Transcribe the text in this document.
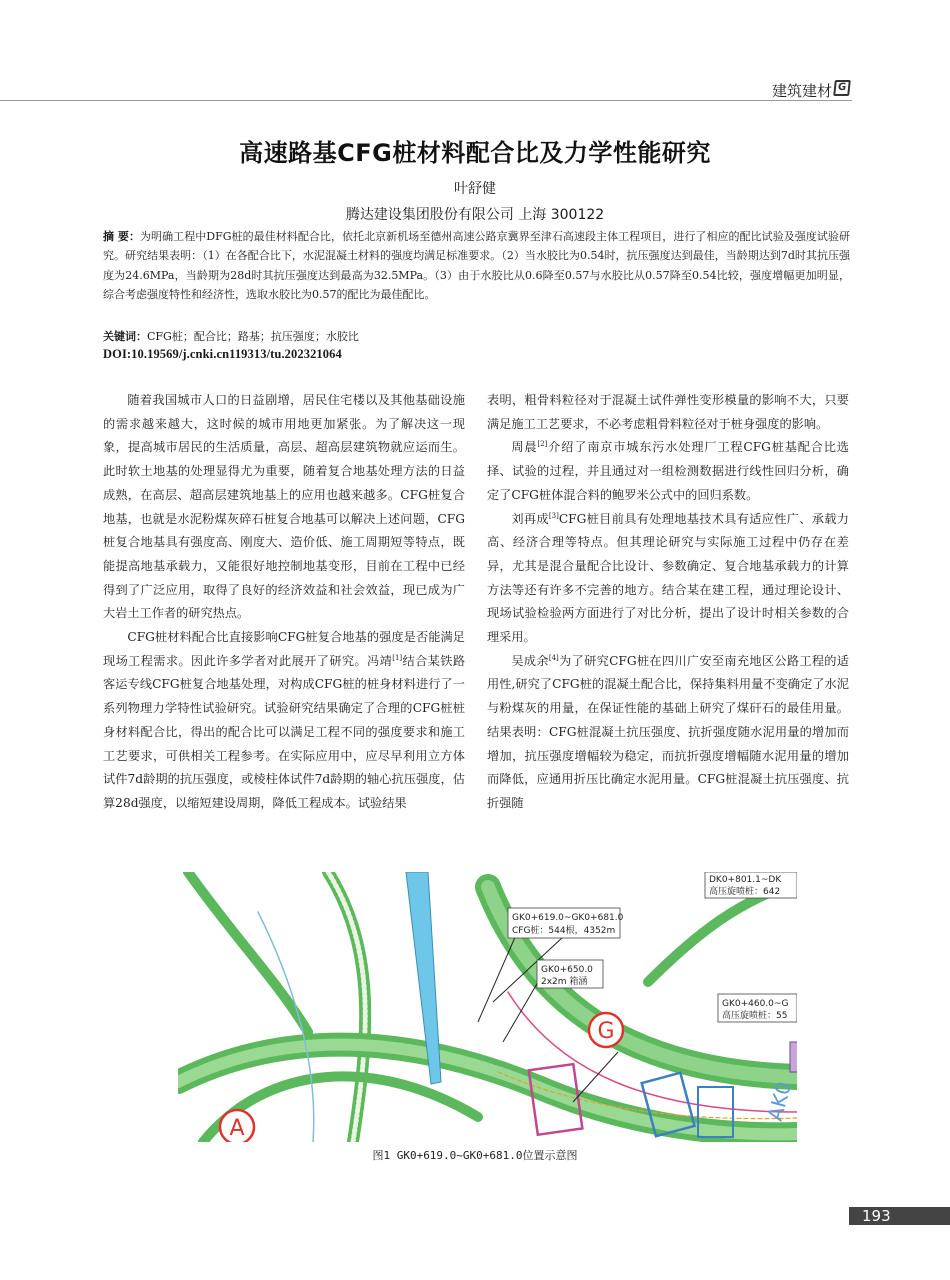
建筑建材 G
高速路基CFG桩材料配合比及力学性能研究
叶舒健
腾达建设集团股份有限公司 上海 300122
摘 要：为明确工程中DFG桩的最佳材料配合比，依托北京新机场至德州高速公路京冀界至津石高速段主体工程项目，进行了相应的配比试验及强度试验研究。研究结果表明：（1）在各配合比下，水泥混凝土材料的强度均满足标准要求。（2）当水胶比为0.54时，抗压强度达到最佳，当龄期达到7d时其抗压强度为24.6MPa，当龄期为28d时其抗压强度达到最高为32.5MPa。（3）由于水胶比从0.6降至0.57与水胶比从0.57降至0.54比较，强度增幅更加明显，综合考虑强度特性和经济性，选取水胶比为0.57的配比为最佳配比。
关键词：CFG桩；配合比；路基；抗压强度；水胶比
DOI:10.19569/j.cnki.cn119313/tu.202321064

随着我国城市人口的日益剧增，居民住宅楼以及其他基础设施的需求越来越大，这时候的城市用地更加紧张。为了解决这一现象，提高城市居民的生活质量，高层、超高层建筑物就应运而生。此时软土地基的处理显得尤为重要，随着复合地基处理方法的日益成熟，在高层、超高层建筑地基上的应用也越来越多。CFG桩复合地基，也就是水泥粉煤灰碎石桩复合地基可以解决上述问题，CFG桩复合地基具有强度高、刚度大、造价低、施工周期短等特点，既能提高地基承载力，又能很好地控制地基变形，目前在工程中已经得到了广泛应用，取得了良好的经济效益和社会效益，现已成为广大岩土工作者的研究热点。

CFG桩材料配合比直接影响CFG桩复合地基的强度是否能满足现场工程需求。因此许多学者对此展开了研究。冯靖[1]结合某铁路客运专线CFG桩复合地基处理，对构成CFG桩的桩身材料进行了一系列物理力学特性试验研究。试验研究结果确定了合理的CFG桩桩身材料配合比，得出的配合比可以满足工程不同的强度要求和施工工艺要求，可供相关工程参考。在实际应用中，应尽早利用立方体试件7d龄期的抗压强度，或棱柱体试件7d龄期的轴心抗压强度，估算28d强度，以缩短建设周期，降低工程成本。试验结果

表明，粗骨料粒径对于混凝土试件弹性变形模量的影响不大，只要满足施工工艺要求，不必考虑粗骨料粒径对于桩身强度的影响。

周晨[2]介绍了南京市城东污水处理厂工程CFG桩基配合比选择、试验的过程，并且通过对一组检测数据进行线性回归分析，确定了CFG桩体混合料的鲍罗米公式中的回归系数。

刘再成[3]CFG桩目前具有处理地基技术具有适应性广、承载力高、经济合理等特点。但其理论研究与实际施工过程中仍存在差异，尤其是混合量配合比设计、参数确定、复合地基承载力的计算方法等还有许多不完善的地方。结合某在建工程，通过理论设计、现场试验检验两方面进行了对比分析，提出了设计时相关参数的合理采用。

吴成余[4]为了研究CFG桩在四川广安至南充地区公路工程的适用性,研究了CFG桩的混凝土配合比，保持集料用量不变确定了水泥与粉煤灰的用量，在保证性能的基础上研究了煤矸石的最佳用量。结果表明：CFG桩混凝土抗压强度、抗折强度随水泥用量的增加而增加，抗压强度增幅较为稳定，而抗折强度增幅随水泥用量的增加而降低，应通用折压比确定水泥用量。CFG桩混凝土抗压强度、抗折强随

DK0+801.1~DK
高压旋喷桩：642
GK0+619.0~GK0+681.0
CFG桩：544根，4352m
GK0+650.0
2x2m 箱涵
GK0+460.0~G
高压旋喷桩：55
G
A
AK0
图1 GK0+619.0~GK0+681.0位置示意图
193
